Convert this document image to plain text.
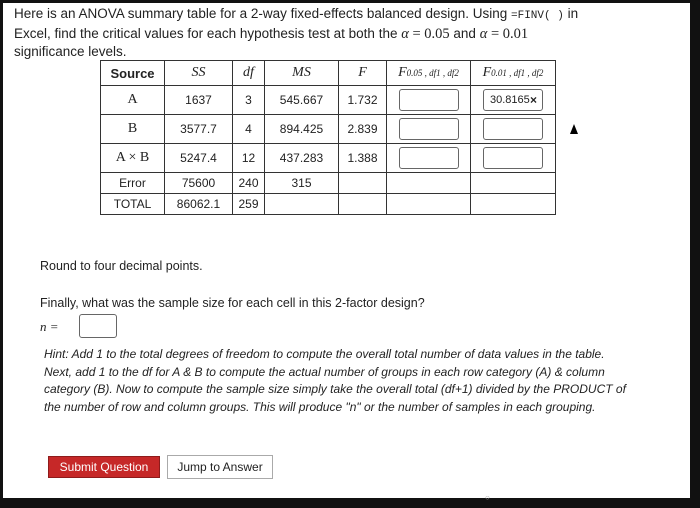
Here is an ANOVA summary table for a 2-way fixed-effects balanced design. Using =FINV( ) in
Excel, find the critical values for each hypothesis test at both the α = 0.05 and α = 0.01
significance levels.
Source	SS	df	MS	F	F0.05 , df1 , df2	F0.01 , df1 , df2
A	1637	3	545.667	1.732		30.8165 ×

B	3577.7	4	894.425	2.839		
A × B	5247.4	12	437.283	1.388		
Error	75600	240	315			
TOTAL	86062.1	259				
Round to four decimal points.
Finally, what was the sample size for each cell in this 2-factor design?
n =
Hint: Add 1 to the total degrees of freedom to compute the overall total number of data values in the table. Next, add 1 to the df for A & B to compute the actual number of groups in each row category (A) & column category (B). Now to compute the sample size simply take the overall total (df+1) divided by the PRODUCT of the number of row and column groups. This will produce "n" or the number of samples in each grouping.
Submit Question	Jump to Answer
○
